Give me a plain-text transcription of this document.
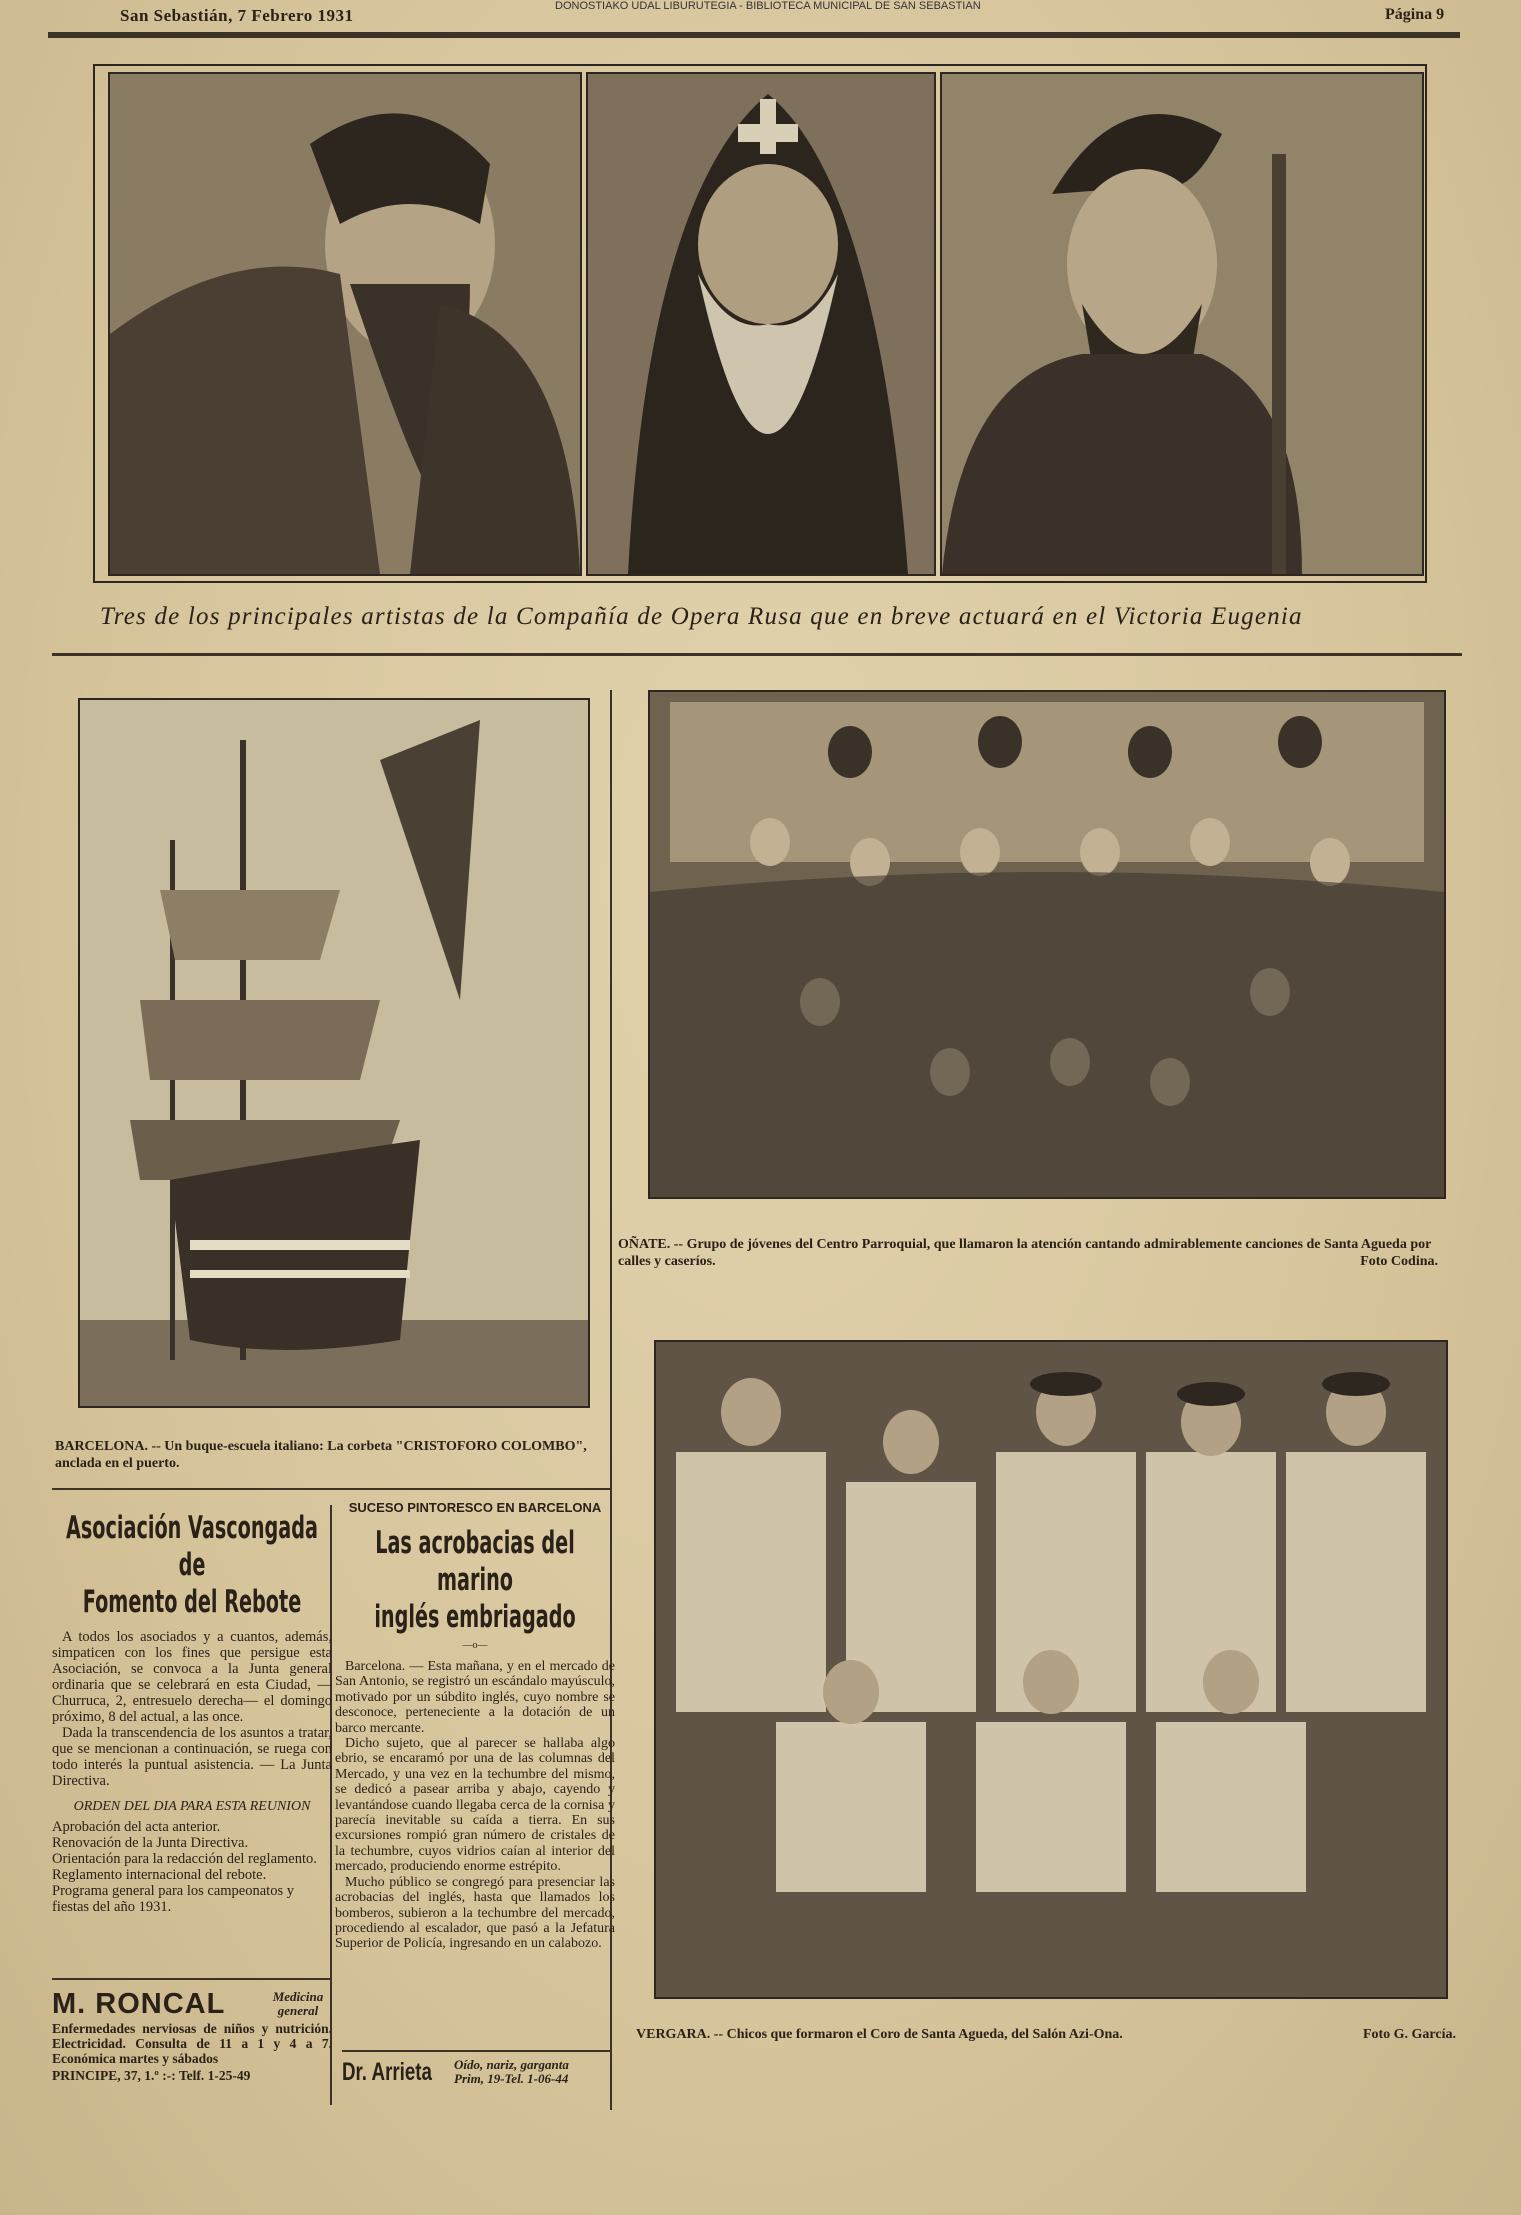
San Sebastián, 7 Febrero 1931	DONOSTIAKO UDAL LIBURUTEGIA - BIBLIOTECA MUNICIPAL DE SAN SEBASTIAN	Página 9
Tres de los principales artistas de la Compañía de Opera Rusa que en breve actuará en el Victoria Eugenia
BARCELONA. -- Un buque-escuela italiano: La corbeta "CRISTOFORO COLOMBO", anclada en el puerto.
OÑATE. -- Grupo de jóvenes del Centro Parroquial, que llamaron la atención cantando admirablemente canciones de Santa Agueda por calles y caseríos.	Foto Codina.
VERGARA. -- Chicos que formaron el Coro de Santa Agueda, del Salón Azi-Ona.	Foto G. García.
Asociación Vascongada de
Fomento del Rebote

A todos los asociados y a cuantos, además, simpaticen con los fines que persigue esta Asociación, se convoca a la Junta general ordinaria que se celebrará en esta Ciudad, —Churruca, 2, entresuelo derecha— el domingo próximo, 8 del actual, a las once.

Dada la transcendencia de los asuntos a tratar, que se mencionan a continuación, se ruega con todo interés la puntual asistencia. — La Junta Directiva.

ORDEN DEL DIA PARA ESTA REUNION
Aprobación del acta anterior.
Renovación de la Junta Directiva.
Orientación para la redacción del reglamento.
Reglamento internacional del rebote.
Programa general para los campeonatos y fiestas del año 1931.
SUCESO PINTORESCO EN BARCELONA
Las acrobacias del marino
inglés embriagado
—o—

Barcelona. — Esta mañana, y en el mercado de San Antonio, se registró un escándalo mayúsculo, motivado por un súbdito inglés, cuyo nombre se desconoce, perteneciente a la dotación de un barco mercante.

Dicho sujeto, que al parecer se hallaba algo ebrio, se encaramó por una de las columnas del Mercado, y una vez en la techumbre del mismo, se dedicó a pasear arriba y abajo, cayendo y levantándose cuando llegaba cerca de la cornisa y parecía inevitable su caída a tierra. En sus excursiones rompió gran número de cristales de la techumbre, cuyos vidrios caían al interior del mercado, produciendo enorme estrépito.

Mucho público se congregó para presenciar las acrobacias del inglés, hasta que llamados los bomberos, subieron a la techumbre del mercado, procediendo al escalador, que pasó a la Jefatura Superior de Policía, ingresando en un calabozo.

M. RONCAL	Medicina general
Enfermedades nerviosas de niños y nutrición. Electricidad. Consulta de 11 a 1 y 4 a 7. Económica martes y sábados
PRINCIPE, 37, 1.º :-: Telf. 1-25-49	Dr. Arrieta Oído, nariz, garganta
Prim, 19-Tel. 1-06-44
